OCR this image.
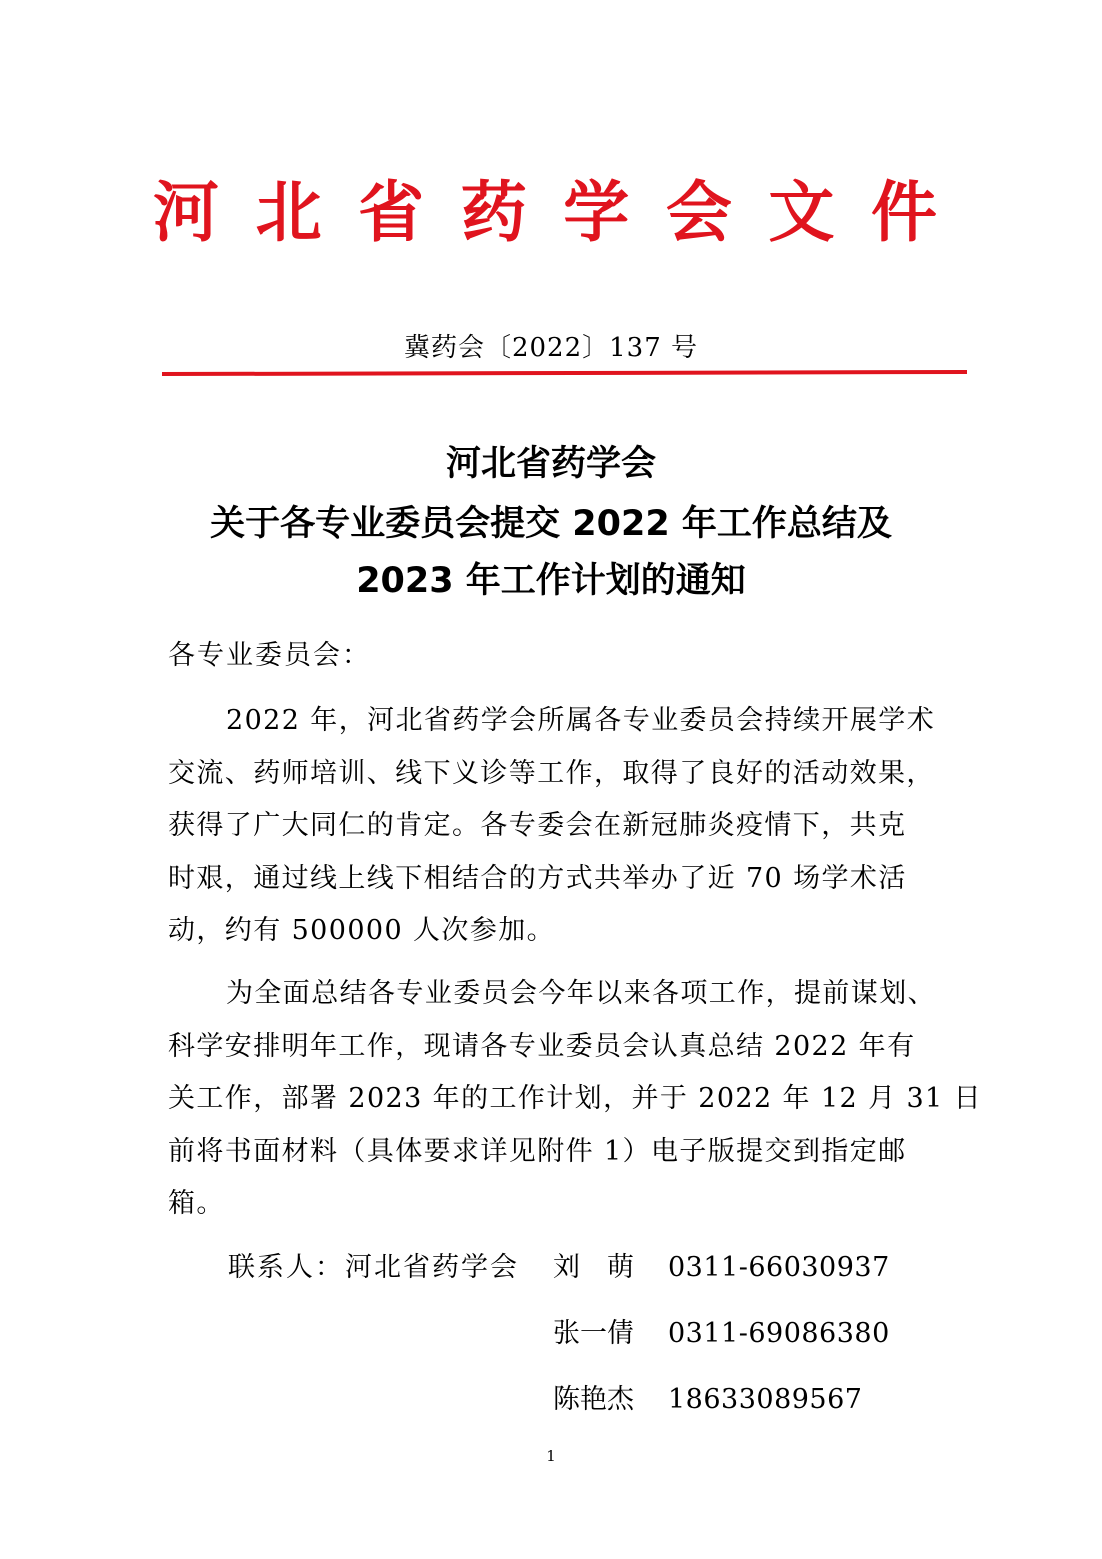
河 北 省 药 学 会 文 件
冀药会〔2022〕137 号
河北省药学会
关于各专业委员会提交 2022 年工作总结及
2023 年工作计划的通知
各专业委员会：
2022 年，河北省药学会所属各专业委员会持续开展学术
交流、药师培训、线下义诊等工作，取得了良好的活动效果，
获得了广大同仁的肯定。各专委会在新冠肺炎疫情下，共克
时艰，通过线上线下相结合的方式共举办了近 70 场学术活
动，约有 500000 人次参加。
为全面总结各专业委员会今年以来各项工作，提前谋划、
科学安排明年工作，现请各专业委员会认真总结 2022 年有
关工作，部署 2023 年的工作计划，并于 2022 年 12 月 31 日
前将书面材料（具体要求详见附件 1）电子版提交到指定邮
箱。
联系人： 河北省药学会 刘　萌 0311-66030937
张一倩 0311-69086380
陈艳杰 18633089567
1
